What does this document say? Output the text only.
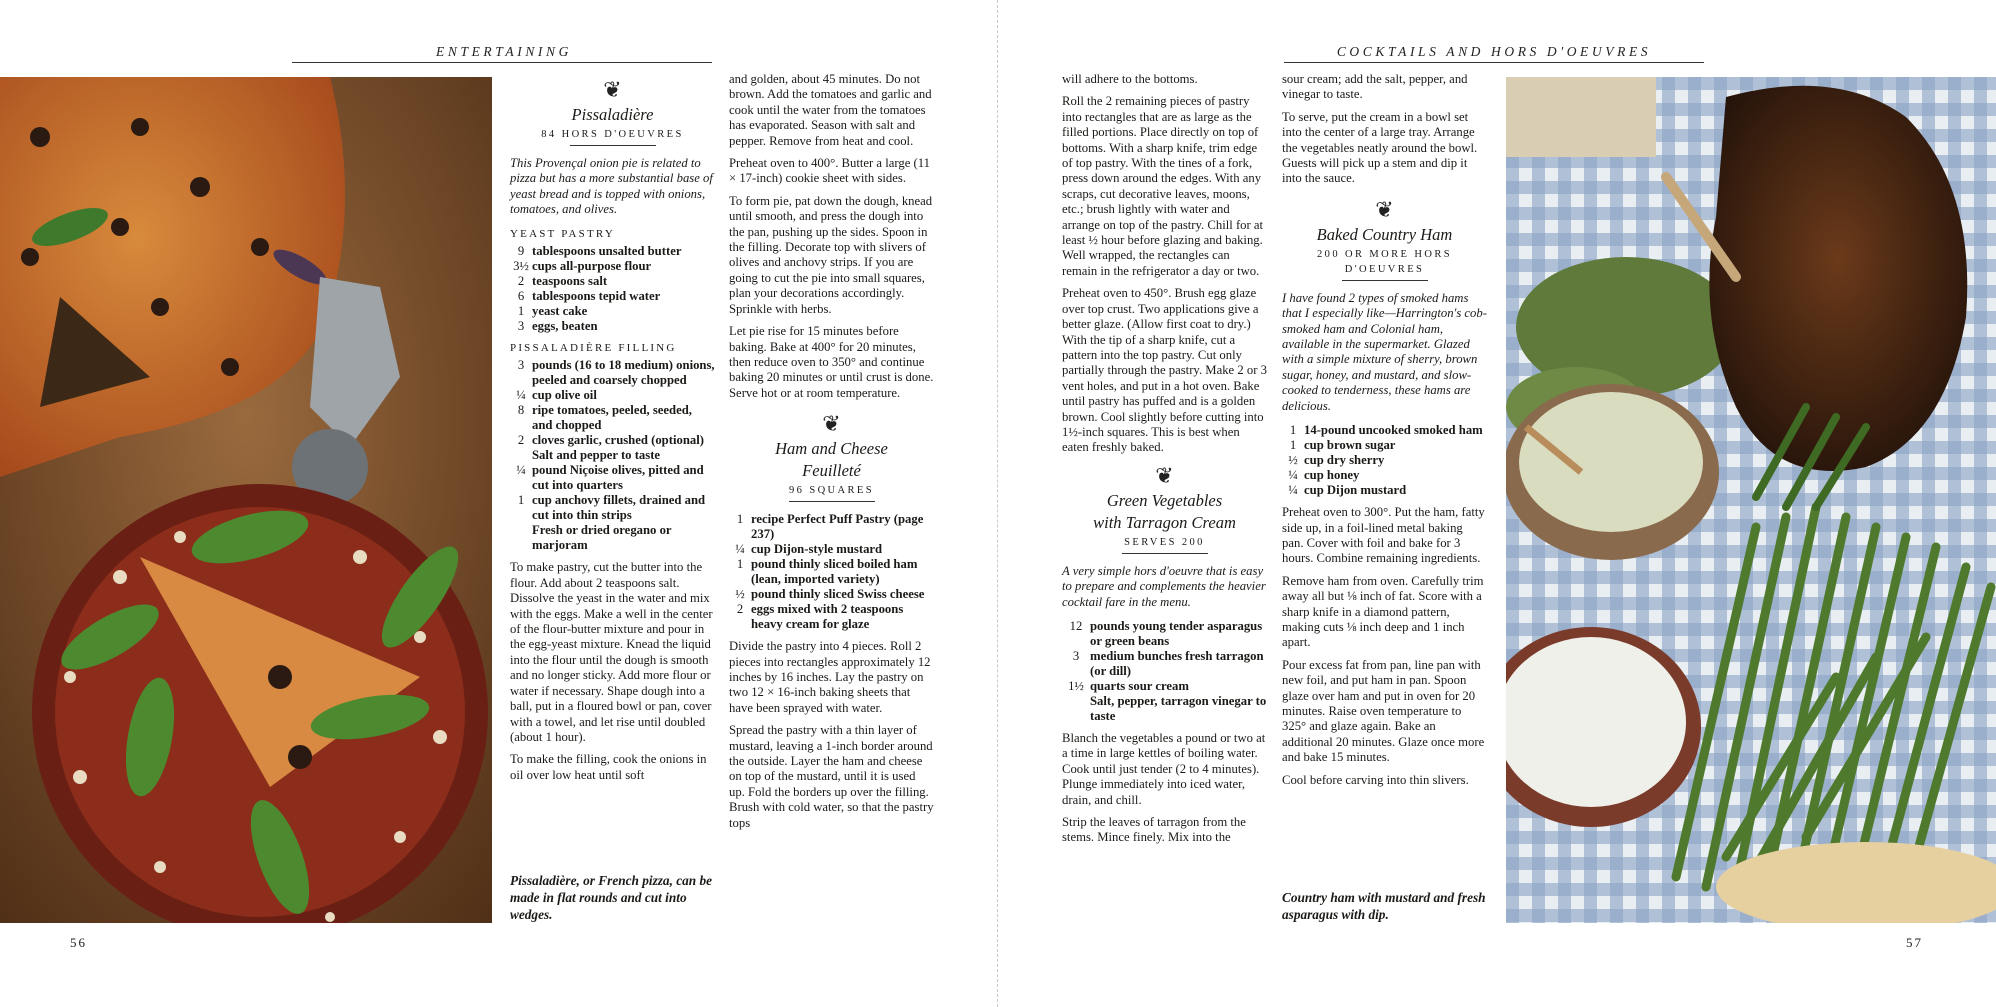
ENTERTAINING	COCKTAILS AND HORS D'OEUVRES
❦
Pissaladière
84 HORS D'OEUVRES

This Provençal onion pie is related to pizza but has a more substantial base of yeast bread and is topped with onions, tomatoes, and olives.

YEAST PASTRY
9 tablespoons unsalted butter
3½ cups all-purpose flour
2 teaspoons salt
6 tablespoons tepid water
1 yeast cake
3 eggs, beaten
PISSALADIÈRE FILLING
3 pounds (16 to 18 medium) onions, peeled and coarsely chopped
¼ cup olive oil
8 ripe tomatoes, peeled, seeded, and chopped
2 cloves garlic, crushed (optional)
Salt and pepper to taste
¼ pound Niçoise olives, pitted and cut into quarters
1 cup anchovy fillets, drained and cut into thin strips
Fresh or dried oregano or marjoram

To make pastry, cut the butter into the flour. Add about 2 teaspoons salt. Dissolve the yeast in the water and mix with the eggs. Make a well in the center of the flour-butter mixture and pour in the egg-yeast mixture. Knead the liquid into the flour until the dough is smooth and no longer sticky. Add more flour or water if necessary. Shape dough into a ball, put in a floured bowl or pan, cover with a towel, and let rise until doubled (about 1 hour).

To make the filling, cook the onions in oil over low heat until soft

Pissaladière, or French pizza, can be made in flat rounds and cut into wedges.

and golden, about 45 minutes. Do not brown. Add the tomatoes and garlic and cook until the water from the tomatoes has evaporated. Season with salt and pepper. Remove from heat and cool.

Preheat oven to 400°. Butter a large (11 × 17-inch) cookie sheet with sides.

To form pie, pat down the dough, knead until smooth, and press the dough into the pan, pushing up the sides. Spoon in the filling. Decorate top with slivers of olives and anchovy strips. If you are going to cut the pie into small squares, plan your decorations accordingly. Sprinkle with herbs.

Let pie rise for 15 minutes before baking. Bake at 400° for 20 minutes, then reduce oven to 350° and continue baking 20 minutes or until crust is done. Serve hot or at room temperature.

❦
Ham and Cheese
Feuilleté
96 SQUARES
1 recipe Perfect Puff Pastry (page 237)
¼ cup Dijon-style mustard
1 pound thinly sliced boiled ham (lean, imported variety)
½ pound thinly sliced Swiss cheese
2 eggs mixed with 2 teaspoons heavy cream for glaze

Divide the pastry into 4 pieces. Roll 2 pieces into rectangles approximately 12 inches by 16 inches. Lay the pastry on two 12 × 16-inch baking sheets that have been sprayed with water.

Spread the pastry with a thin layer of mustard, leaving a 1-inch border around the outside. Layer the ham and cheese on top of the mustard, until it is used up. Fold the borders up over the filling. Brush with cold water, so that the pastry tops

56

will adhere to the bottoms.

Roll the 2 remaining pieces of pastry into rectangles that are as large as the filled portions. Place directly on top of bottoms. With a sharp knife, trim edge of top pastry. With the tines of a fork, press down around the edges. With any scraps, cut decorative leaves, moons, etc.; brush lightly with water and arrange on top of the pastry. Chill for at least ½ hour before glazing and baking. Well wrapped, the rectangles can remain in the refrigerator a day or two.

Preheat oven to 450°. Brush egg glaze over top crust. Two applications give a better glaze. (Allow first coat to dry.) With the tip of a sharp knife, cut a pattern into the top pastry. Cut only partially through the pastry. Make 2 or 3 vent holes, and put in a hot oven. Bake until pastry has puffed and is a golden brown. Cool slightly before cutting into 1½-inch squares. This is best when eaten freshly baked.

❦
Green Vegetables
with Tarragon Cream
SERVES 200

A very simple hors d'oeuvre that is easy to prepare and complements the heavier cocktail fare in the menu.

12 pounds young tender asparagus or green beans
3 medium bunches fresh tarragon (or dill)
1½ quarts sour cream
Salt, pepper, tarragon vinegar to taste

Blanch the vegetables a pound or two at a time in large kettles of boiling water. Cook until just tender (2 to 4 minutes). Plunge immediately into iced water, drain, and chill.

Strip the leaves of tarragon from the stems. Mince finely. Mix into the

sour cream; add the salt, pepper, and vinegar to taste.

To serve, put the cream in a bowl set into the center of a large tray. Arrange the vegetables neatly around the bowl. Guests will pick up a stem and dip it into the sauce.

❦
Baked Country Ham
200 OR MORE HORS
D'OEUVRES

I have found 2 types of smoked hams that I especially like—Harrington's cob-smoked ham and Colonial ham, available in the supermarket. Glazed with a simple mixture of sherry, brown sugar, honey, and mustard, and slow-cooked to tenderness, these hams are delicious.

1 14-pound uncooked smoked ham
1 cup brown sugar
½ cup dry sherry
¼ cup honey
¼ cup Dijon mustard

Preheat oven to 300°. Put the ham, fatty side up, in a foil-lined metal baking pan. Cover with foil and bake for 3 hours. Combine remaining ingredients.

Remove ham from oven. Carefully trim away all but ⅛ inch of fat. Score with a sharp knife in a diamond pattern, making cuts ⅛ inch deep and 1 inch apart.

Pour excess fat from pan, line pan with new foil, and put ham in pan. Spoon glaze over ham and put in oven for 20 minutes. Raise oven temperature to 325° and glaze again. Bake an additional 20 minutes. Glaze once more and bake 15 minutes.

Cool before carving into thin slivers.

Country ham with mustard and fresh asparagus with dip.
57
